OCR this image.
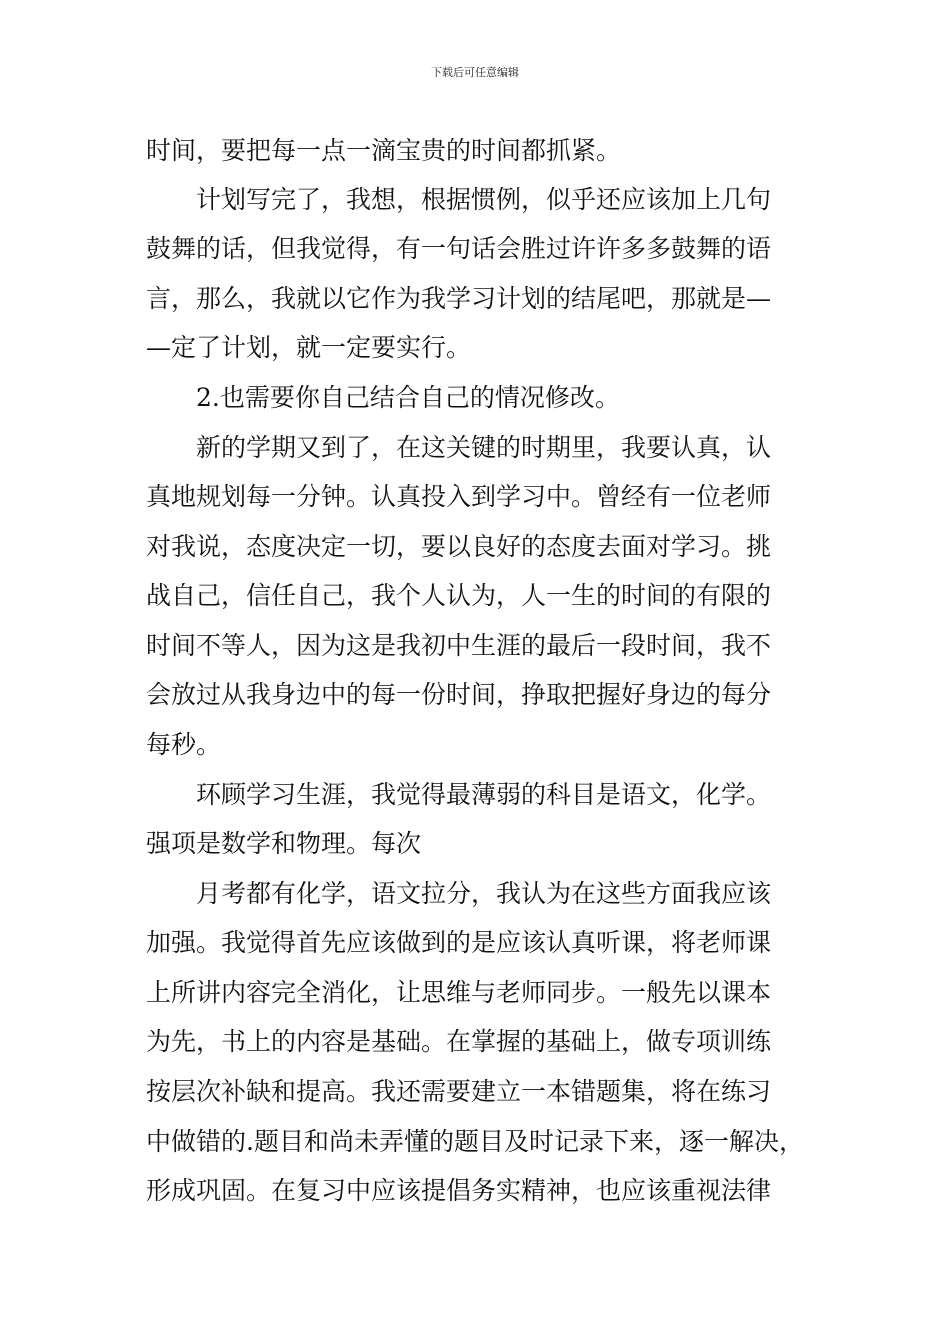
下载后可任意编辑
时间，要把每一点一滴宝贵的时间都抓紧。
计划写完了，我想，根据惯例，似乎还应该加上几句
鼓舞的话，但我觉得，有一句话会胜过许许多多鼓舞的语
言，那么，我就以它作为我学习计划的结尾吧，那就是—
—定了计划，就一定要实行。
2.也需要你自己结合自己的情况修改。
新的学期又到了，在这关键的时期里，我要认真，认
真地规划每一分钟。认真投入到学习中。曾经有一位老师
对我说，态度决定一切，要以良好的态度去面对学习。挑
战自己，信任自己，我个人认为，人一生的时间的有限的
时间不等人，因为这是我初中生涯的最后一段时间，我不
会放过从我身边中的每一份时间，挣取把握好身边的每分
每秒。
环顾学习生涯，我觉得最薄弱的科目是语文，化学。
强项是数学和物理。每次
月考都有化学，语文拉分，我认为在这些方面我应该
加强。我觉得首先应该做到的是应该认真听课，将老师课
上所讲内容完全消化，让思维与老师同步。一般先以课本
为先，书上的内容是基础。在掌握的基础上，做专项训练
按层次补缺和提高。我还需要建立一本错题集，将在练习
中做错的.题目和尚未弄懂的题目及时记录下来，逐一解决，
形成巩固。在复习中应该提倡务实精神，也应该重视法律
